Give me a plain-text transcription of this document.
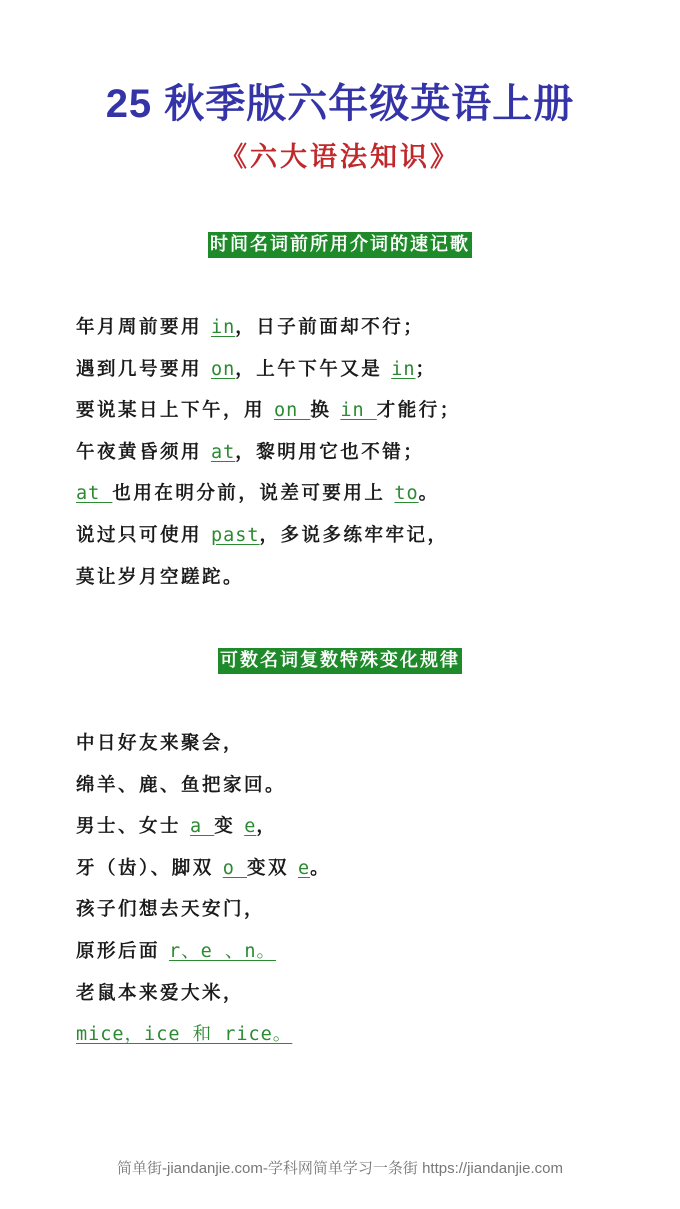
25 秋季版六年级英语上册
《六大语法知识》
时间名词前所用介词的速记歌
年月周前要用 in，日子前面却不行；
遇到几号要用 on，上午下午又是 in；
要说某日上下午，用 on 换 in 才能行；
午夜黄昏须用 at，黎明用它也不错；
at 也用在明分前，说差可要用上 to。
说过只可使用 past，多说多练牢牢记，
莫让岁月空蹉跎。
可数名词复数特殊变化规律
中日好友来聚会，
绵羊、鹿、鱼把家回。
男士、女士 a 变 e，
牙（齿）、脚双 o 变双 e。
孩子们想去天安门，
原形后面 r、e 、n。
老鼠本来爱大米，
mice，ice 和 rice。
简单街-jiandanjie.com-学科网简单学习一条街 https://jiandanjie.com
